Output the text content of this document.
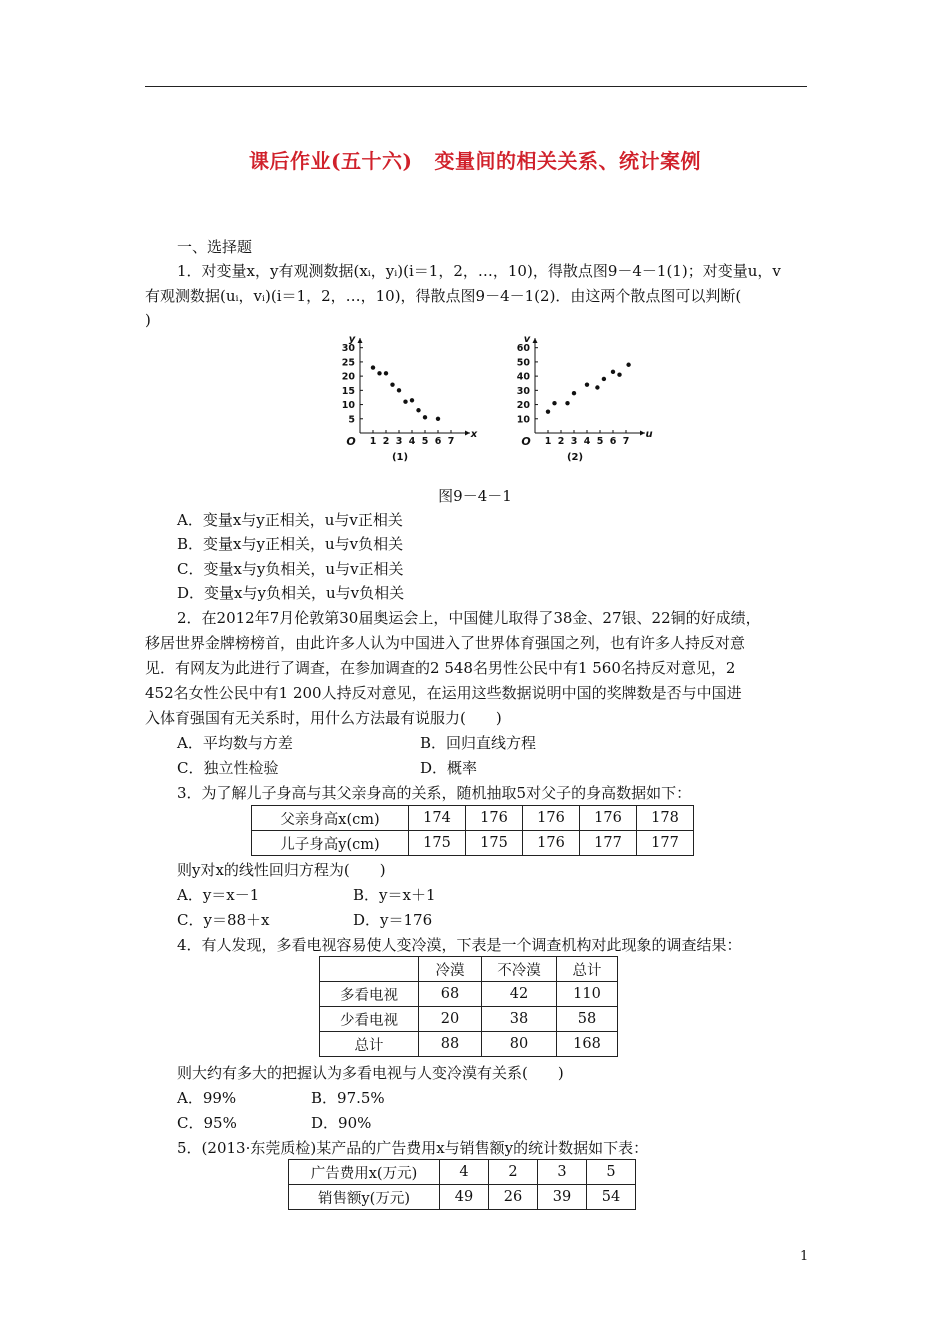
课后作业(五十六) 变量间的相关关系、统计案例
一、选择题
1．对变量x，y有观测数据(xᵢ，yᵢ)(i＝1，2，…，10)，得散点图9－4－1(1)；对变量u，v
有观测数据(uᵢ，vᵢ)(i＝1，2，…，10)，得散点图9－4－1(2)．由这两个散点图可以判断(
)
O
x
y
1 2 3 4 5 6 7
5
10
15
20
25
30
(1)
O
u
v
1 2 3 4 5 6 7
10
20
30
40
50
60
(2)
图9－4－1
A．变量x与y正相关，u与v正相关
B．变量x与y正相关，u与v负相关
C．变量x与y负相关，u与v正相关
D．变量x与y负相关，u与v负相关
2．在2012年7月伦敦第30届奥运会上，中国健儿取得了38金、27银、22铜的好成绩，
移居世界金牌榜榜首，由此许多人认为中国进入了世界体育强国之列，也有许多人持反对意
见．有网友为此进行了调查，在参加调查的2 548名男性公民中有1 560名持反对意见，2
452名女性公民中有1 200人持反对意见，在运用这些数据说明中国的奖牌数是否与中国进
入体育强国有无关系时，用什么方法最有说服力(　　)
A．平均数与方差	B．回归直线方程
C．独立性检验	D．概率
3．为了解儿子身高与其父亲身高的关系，随机抽取5对父子的身高数据如下：
父亲身高x(cm)	174	176	176	176	178
儿子身高y(cm)	175	175	176	177	177
则y对x的线性回归方程为(　　)
A．y＝x－1	B．y＝x＋1
C．y＝88＋x	D．y＝176
4．有人发现，多看电视容易使人变冷漠，下表是一个调查机构对此现象的调查结果：
	冷漠	不冷漠	总计
多看电视	68	42	110
少看电视	20	38	58
总计	88	80	168
则大约有多大的把握认为多看电视与人变冷漠有关系(　　)
A．99%	B．97.5%
C．95%	D．90%
5．(2013·东莞质检)某产品的广告费用x与销售额y的统计数据如下表：
广告费用x(万元)	4	2	3	5
销售额y(万元)	49	26	39	54
1
